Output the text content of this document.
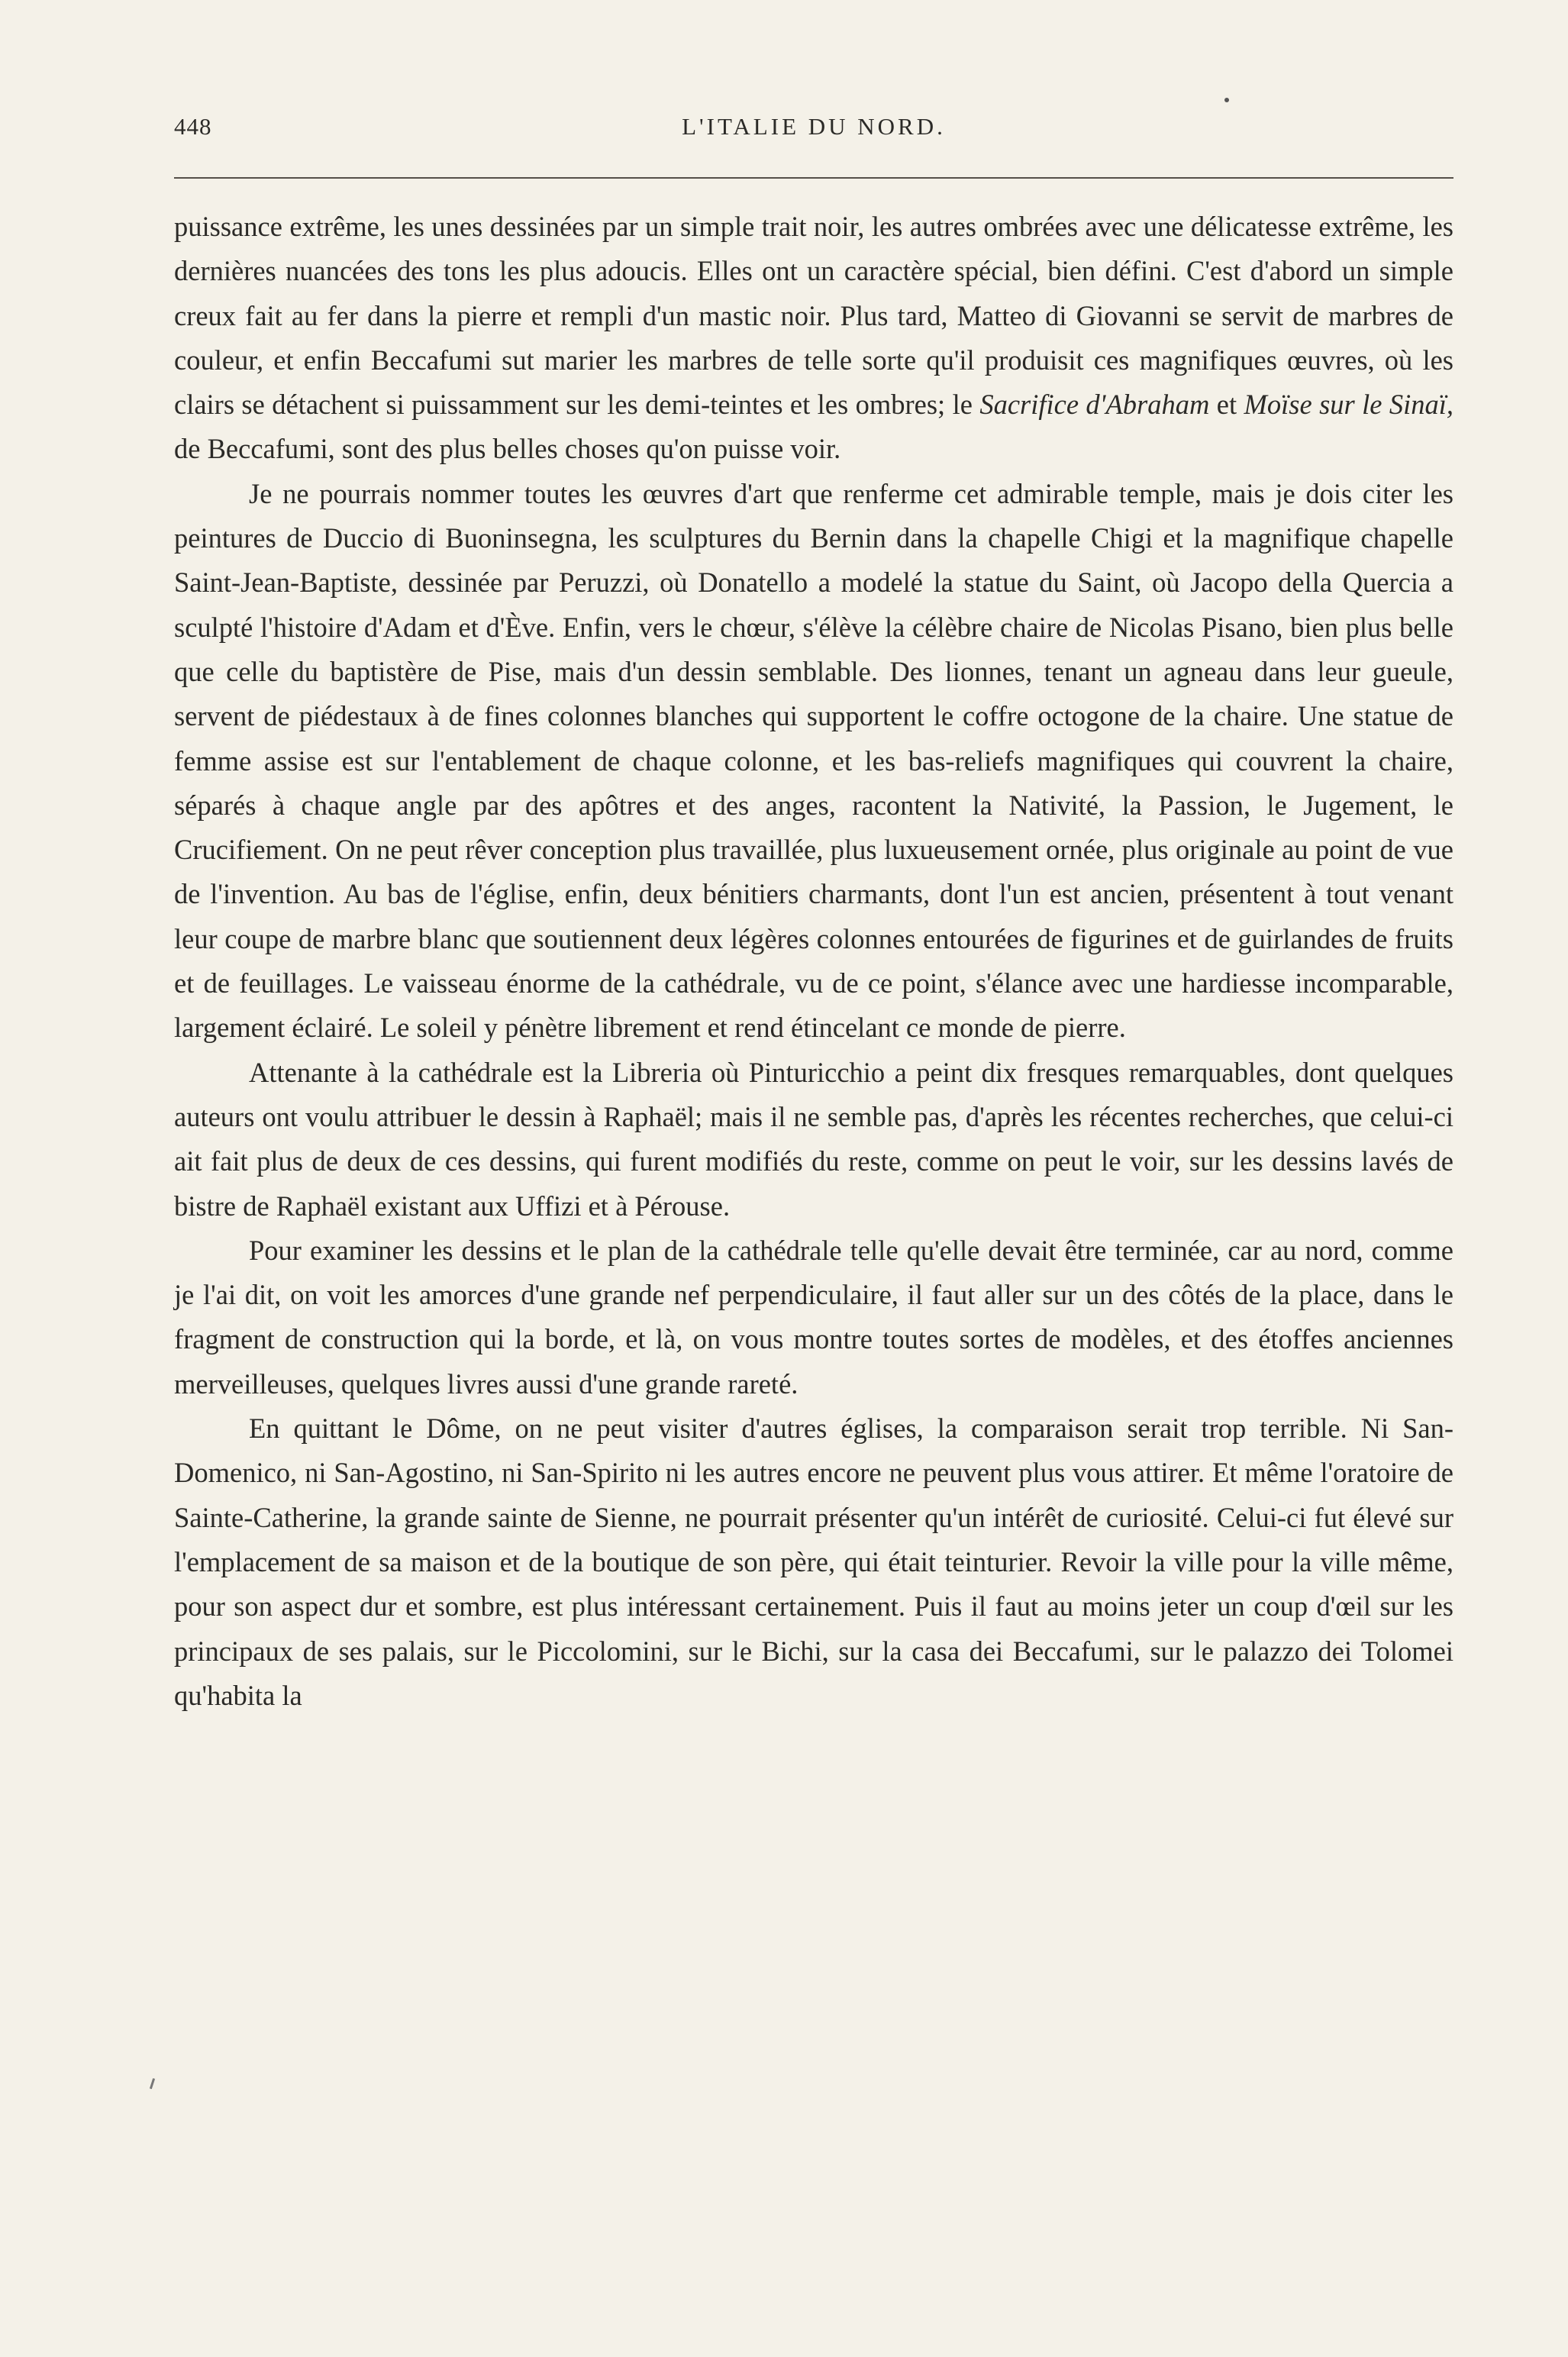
448	L'ITALIE DU NORD.

puissance extrême, les unes dessinées par un simple trait noir, les autres ombrées avec une délicatesse extrême, les dernières nuancées des tons les plus adoucis. Elles ont un caractère spécial, bien défini. C'est d'abord un simple creux fait au fer dans la pierre et rempli d'un mastic noir. Plus tard, Matteo di Giovanni se servit de marbres de couleur, et enfin Beccafumi sut marier les marbres de telle sorte qu'il produisit ces magnifiques œuvres, où les clairs se détachent si puissamment sur les demi-teintes et les ombres; le Sacrifice d'Abraham et Moïse sur le Sinaï, de Beccafumi, sont des plus belles choses qu'on puisse voir.

Je ne pourrais nommer toutes les œuvres d'art que renferme cet admirable temple, mais je dois citer les peintures de Duccio di Buoninsegna, les sculptures du Bernin dans la chapelle Chigi et la magnifique chapelle Saint-Jean-Baptiste, dessinée par Peruzzi, où Donatello a modelé la statue du Saint, où Jacopo della Quercia a sculpté l'histoire d'Adam et d'Ève. Enfin, vers le chœur, s'élève la célèbre chaire de Nicolas Pisano, bien plus belle que celle du baptistère de Pise, mais d'un dessin semblable. Des lionnes, tenant un agneau dans leur gueule, servent de piédestaux à de fines colonnes blanches qui supportent le coffre octogone de la chaire. Une statue de femme assise est sur l'entablement de chaque colonne, et les bas-reliefs magnifiques qui couvrent la chaire, séparés à chaque angle par des apôtres et des anges, racontent la Nativité, la Passion, le Jugement, le Crucifiement. On ne peut rêver conception plus travaillée, plus luxueusement ornée, plus originale au point de vue de l'invention. Au bas de l'église, enfin, deux bénitiers charmants, dont l'un est ancien, présentent à tout venant leur coupe de marbre blanc que soutiennent deux légères colonnes entourées de figurines et de guirlandes de fruits et de feuillages. Le vaisseau énorme de la cathédrale, vu de ce point, s'élance avec une hardiesse incomparable, largement éclairé. Le soleil y pénètre librement et rend étincelant ce monde de pierre.

Attenante à la cathédrale est la Libreria où Pinturicchio a peint dix fresques remarquables, dont quelques auteurs ont voulu attribuer le dessin à Raphaël; mais il ne semble pas, d'après les récentes recherches, que celui-ci ait fait plus de deux de ces dessins, qui furent modifiés du reste, comme on peut le voir, sur les dessins lavés de bistre de Raphaël existant aux Uffizi et à Pérouse.

Pour examiner les dessins et le plan de la cathédrale telle qu'elle devait être terminée, car au nord, comme je l'ai dit, on voit les amorces d'une grande nef perpendiculaire, il faut aller sur un des côtés de la place, dans le fragment de construction qui la borde, et là, on vous montre toutes sortes de modèles, et des étoffes anciennes merveilleuses, quelques livres aussi d'une grande rareté.

En quittant le Dôme, on ne peut visiter d'autres églises, la comparaison serait trop terrible. Ni San-Domenico, ni San-Agostino, ni San-Spirito ni les autres encore ne peuvent plus vous attirer. Et même l'oratoire de Sainte-Catherine, la grande sainte de Sienne, ne pourrait présenter qu'un intérêt de curiosité. Celui-ci fut élevé sur l'emplacement de sa maison et de la boutique de son père, qui était teinturier. Revoir la ville pour la ville même, pour son aspect dur et sombre, est plus intéressant certainement. Puis il faut au moins jeter un coup d'œil sur les principaux de ses palais, sur le Piccolomini, sur le Bichi, sur la casa dei Beccafumi, sur le palazzo dei Tolomei qu'habita la
